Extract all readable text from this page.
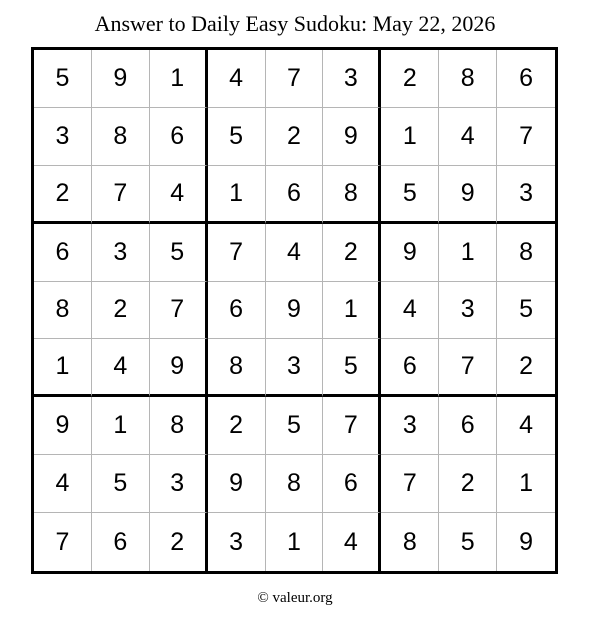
Answer to Daily Easy Sudoku: May 22, 2026
5	9	1	4	7	3	2	8	6
3	8	6	5	2	9	1	4	7
2	7	4	1	6	8	5	9	3
6	3	5	7	4	2	9	1	8
8	2	7	6	9	1	4	3	5
1	4	9	8	3	5	6	7	2
9	1	8	2	5	7	3	6	4
4	5	3	9	8	6	7	2	1
7	6	2	3	1	4	8	5	9
© valeur.org
